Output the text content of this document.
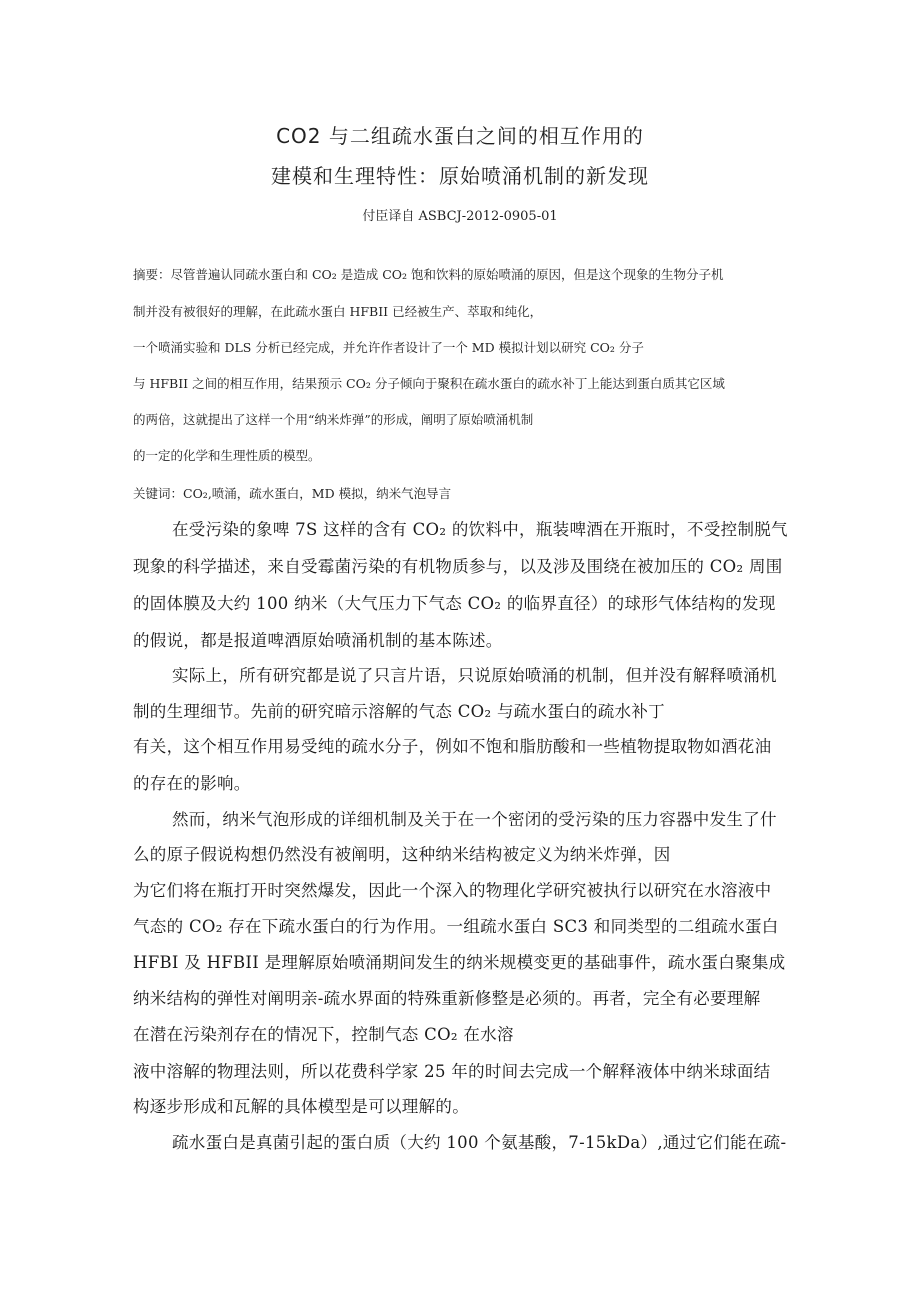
CO2 与二组疏水蛋白之间的相互作用的
建模和生理特性：原始喷涌机制的新发现
付臣译自 ASBCJ-2012-0905-01
摘要：尽管普遍认同疏水蛋白和 CO₂ 是造成 CO₂ 饱和饮料的原始喷涌的原因，但是这个现象的生物分子机
制并没有被很好的理解，在此疏水蛋白 HFBII 已经被生产、萃取和纯化，
一个喷涌实验和 DLS 分析已经完成，并允许作者设计了一个 MD 模拟计划以研究 CO₂ 分子
与 HFBII 之间的相互作用，结果预示 CO₂ 分子倾向于聚积在疏水蛋白的疏水补丁上能达到蛋白质其它区域
的两倍，这就提出了这样一个用“纳米炸弹”的形成，阐明了原始喷涌机制
的一定的化学和生理性质的模型。
关键词：CO₂,喷涌，疏水蛋白，MD 模拟，纳米气泡导言
在受污染的象啤 7S 这样的含有 CO₂ 的饮料中，瓶装啤酒在开瓶时，不受控制脱气
现象的科学描述，来自受霉菌污染的有机物质参与，以及涉及围绕在被加压的 CO₂ 周围
的固体膜及大约 100 纳米（大气压力下气态 CO₂ 的临界直径）的球形气体结构的发现
的假说，都是报道啤酒原始喷涌机制的基本陈述。
实际上，所有研究都是说了只言片语，只说原始喷涌的机制，但并没有解释喷涌机
制的生理细节。先前的研究暗示溶解的气态 CO₂ 与疏水蛋白的疏水补丁
有关，这个相互作用易受纯的疏水分子，例如不饱和脂肪酸和一些植物提取物如酒花油
的存在的影响。
然而，纳米气泡形成的详细机制及关于在一个密闭的受污染的压力容器中发生了什
么的原子假说构想仍然没有被阐明，这种纳米结构被定义为纳米炸弹，因
为它们将在瓶打开时突然爆发，因此一个深入的物理化学研究被执行以研究在水溶液中
气态的 CO₂ 存在下疏水蛋白的行为作用。一组疏水蛋白 SC3 和同类型的二组疏水蛋白
HFBI 及 HFBII 是理解原始喷涌期间发生的纳米规模变更的基础事件，疏水蛋白聚集成
纳米结构的弹性对阐明亲-疏水界面的特殊重新修整是必须的。再者，完全有必要理解
在潜在污染剂存在的情况下，控制气态 CO₂ 在水溶
液中溶解的物理法则，所以花费科学家 25 年的时间去完成一个解释液体中纳米球面结
构逐步形成和瓦解的具体模型是可以理解的。
疏水蛋白是真菌引起的蛋白质（大约 100 个氨基酸，7-15kDa）,通过它们能在疏-
